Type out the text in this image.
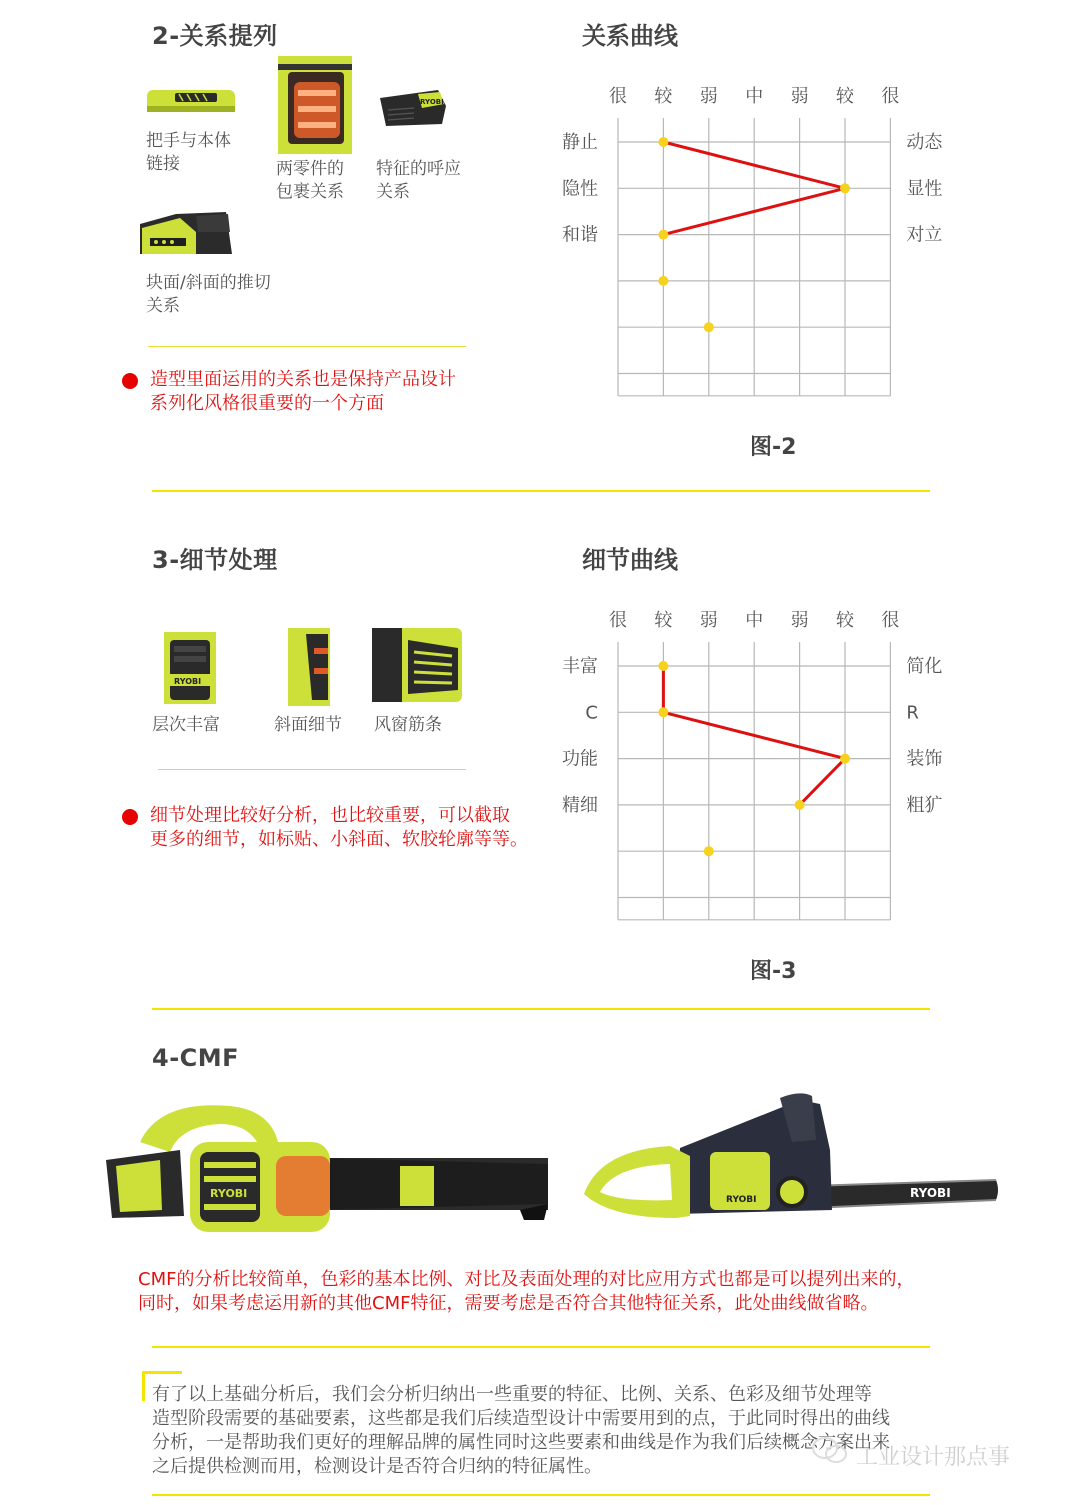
2-关系提列	关系曲线
把手与本体
链接	两零件的
包裹关系
RYOBI
特征的呼应
关系
块面/斜面的推切
关系
造型里面运用的关系也是保持产品设计
系列化风格很重要的一个方面
很 较 弱 中 弱 较 很
静止
隐性
和谐
动态
显性
对立
图-2
3-细节处理	细节曲线
RYOBI
层次丰富	斜面细节 风窗筋条
细节处理比较好分析，也比较重要，可以截取
更多的细节，如标贴、小斜面、软胶轮廓等等。
很 较 弱 中 弱 较 很
丰富
C
功能
精细
简化
R
装饰
粗犷
图-3
4-CMF
RYOBI	RYOBI	RYOBI
CMF的分析比较简单，色彩的基本比例、对比及表面处理的对比应用方式也都是可以提列出来的，
同时，如果考虑运用新的其他CMF特征，需要考虑是否符合其他特征关系，此处曲线做省略。
有了以上基础分析后，我们会分析归纳出一些重要的特征、比例、关系、色彩及细节处理等
造型阶段需要的基础要素，这些都是我们后续造型设计中需要用到的点，于此同时得出的曲线
分析，一是帮助我们更好的理解品牌的属性同时这些要素和曲线是作为我们后续概念方案出来
之后提供检测而用，检测设计是否符合归纳的特征属性。	工业设计那点事
